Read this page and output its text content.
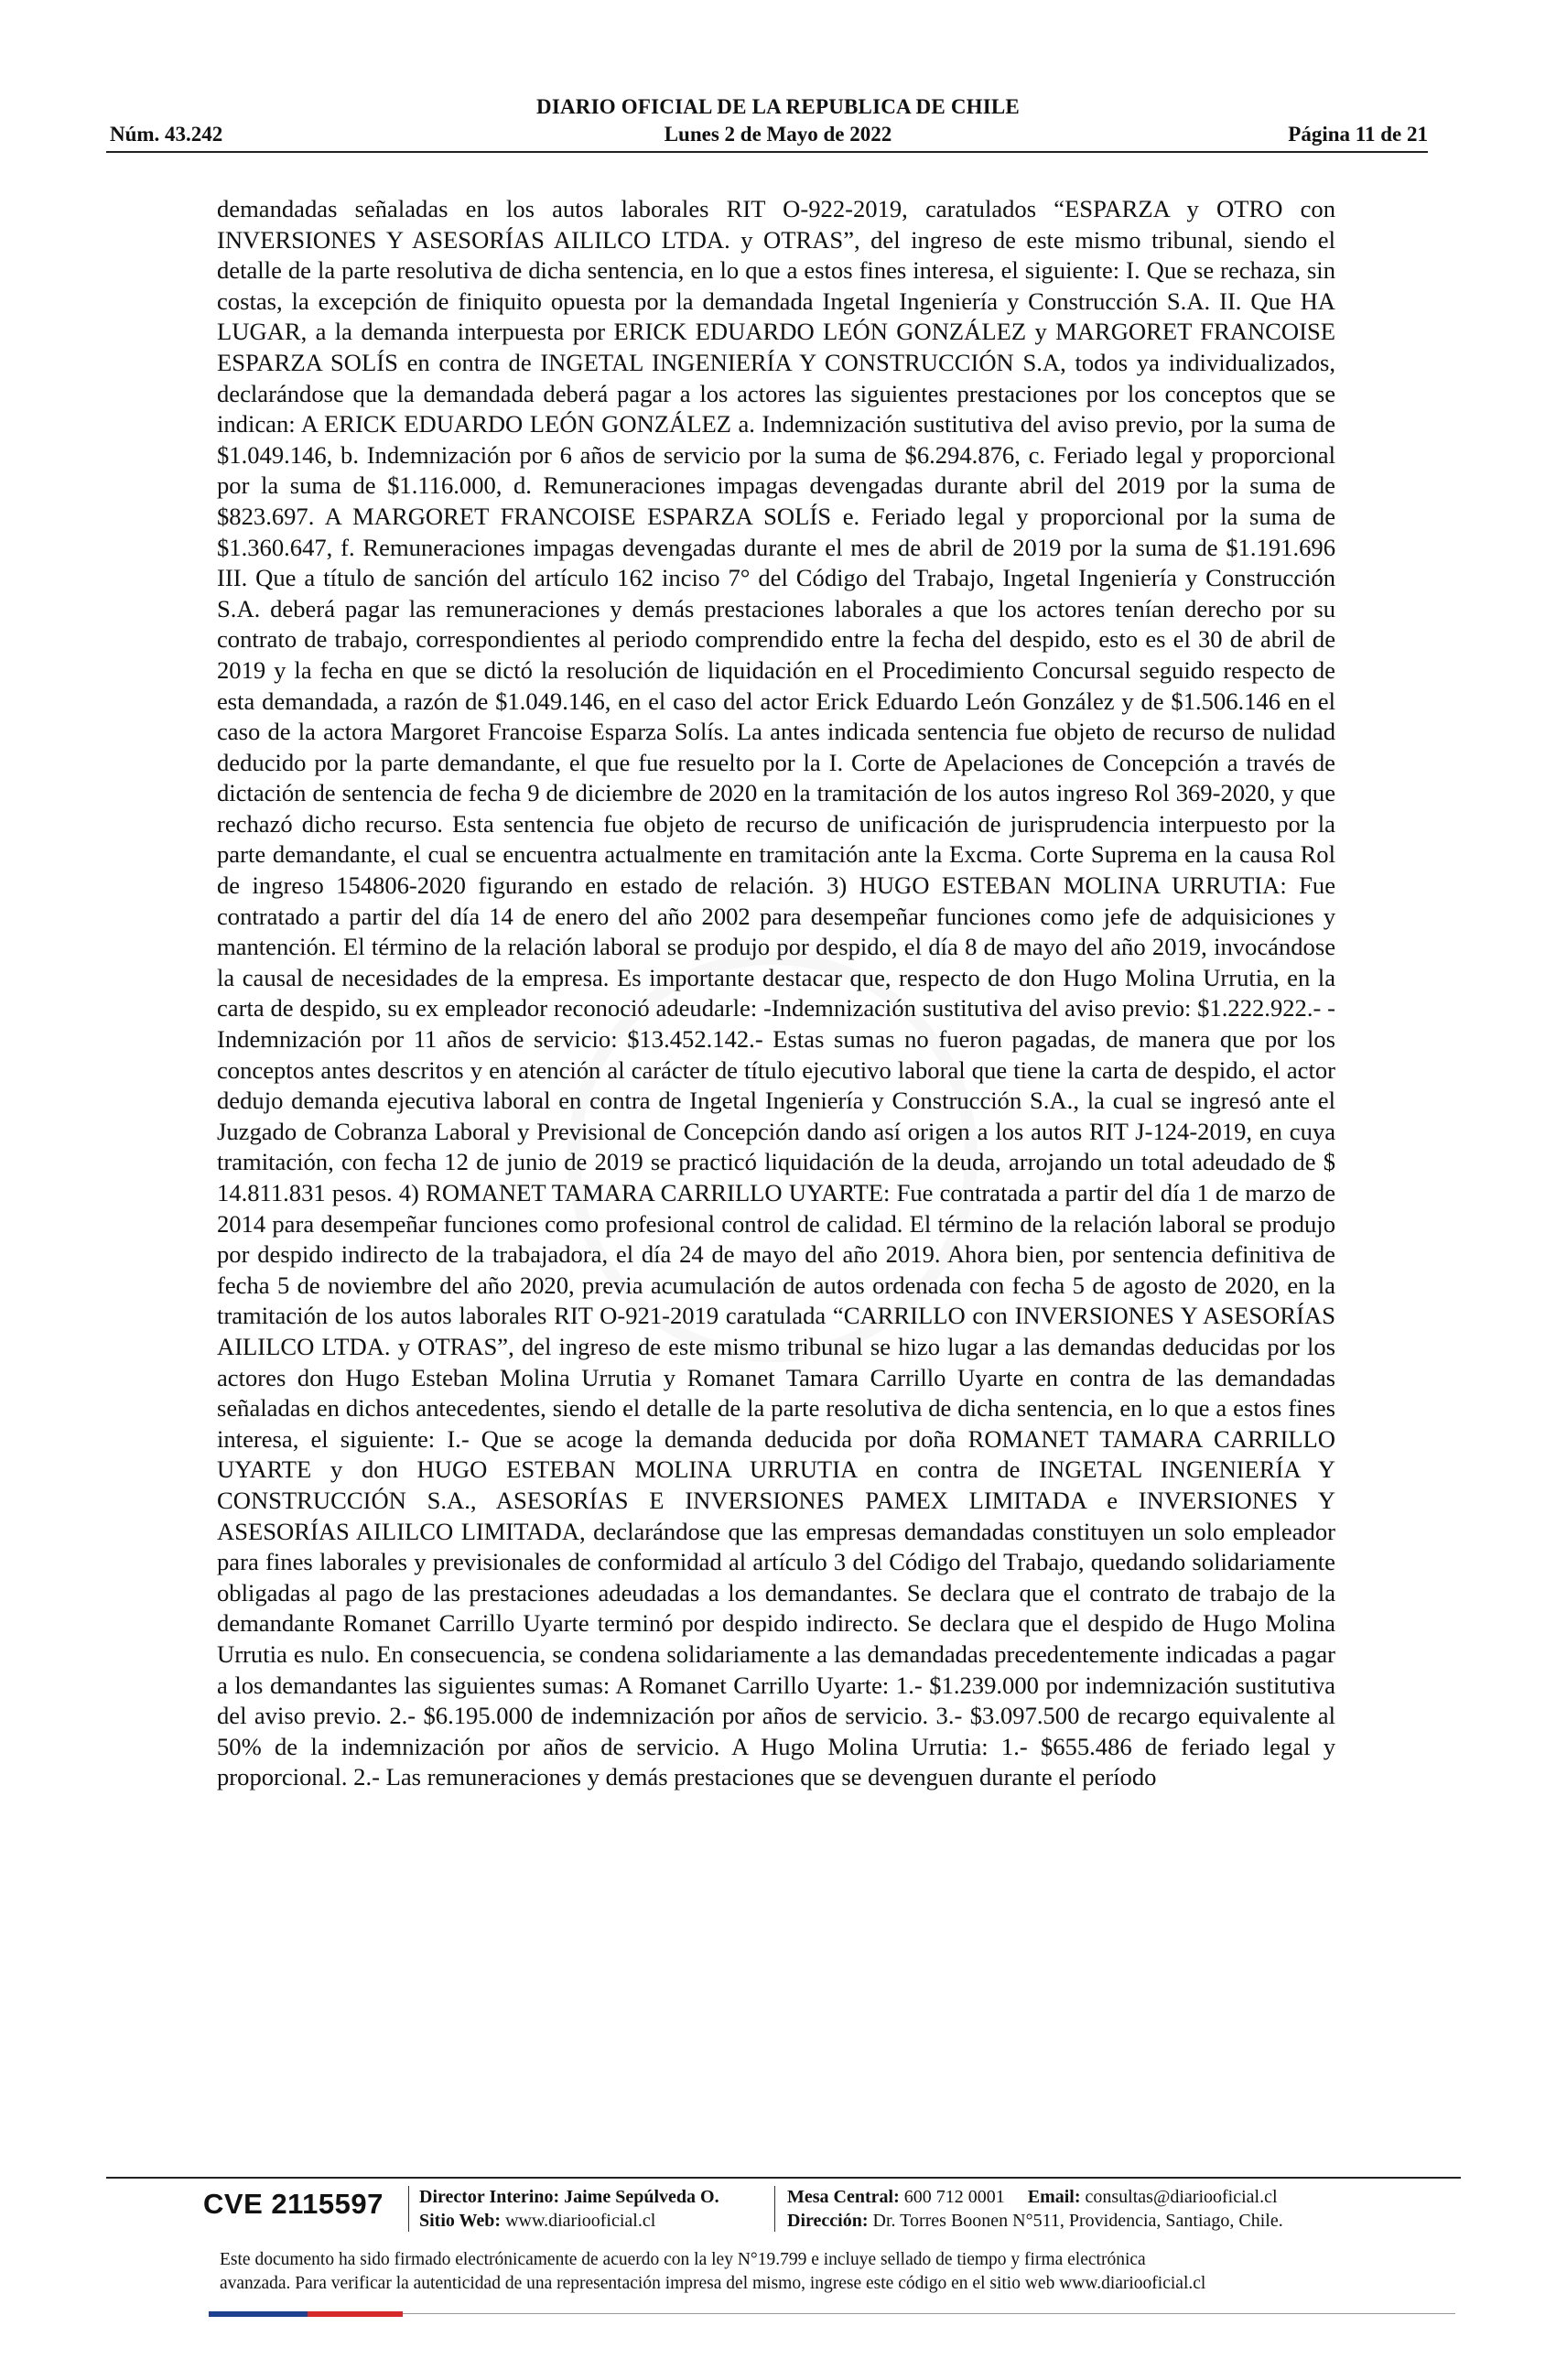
DIARIO OFICIAL DE LA REPUBLICA DE CHILE
Núm. 43.242	Lunes 2 de Mayo de 2022	Página 11 de 21

demandadas señaladas en los autos laborales RIT O-922-2019, caratulados “ESPARZA y OTRO con INVERSIONES Y ASESORÍAS AILILCO LTDA. y OTRAS”, del ingreso de este mismo tribunal, siendo el detalle de la parte resolutiva de dicha sentencia, en lo que a estos fines interesa, el siguiente: I. Que se rechaza, sin costas, la excepción de finiquito opuesta por la demandada Ingetal Ingeniería y Construcción S.A. II. Que HA LUGAR, a la demanda interpuesta por ERICK EDUARDO LEÓN GONZÁLEZ y MARGORET FRANCOISE ESPARZA SOLÍS en contra de INGETAL INGENIERÍA Y CONSTRUCCIÓN S.A, todos ya individualizados, declarándose que la demandada deberá pagar a los actores las siguientes prestaciones por los conceptos que se indican: A ERICK EDUARDO LEÓN GONZÁLEZ a. Indemnización sustitutiva del aviso previo, por la suma de $1.049.146, b. Indemnización por 6 años de servicio por la suma de $6.294.876, c. Feriado legal y proporcional por la suma de $1.116.000, d. Remuneraciones impagas devengadas durante abril del 2019 por la suma de $823.697. A MARGORET FRANCOISE ESPARZA SOLÍS e. Feriado legal y proporcional por la suma de $1.360.647, f. Remuneraciones impagas devengadas durante el mes de abril de 2019 por la suma de $1.191.696 III. Que a título de sanción del artículo 162 inciso 7° del Código del Trabajo, Ingetal Ingeniería y Construcción S.A. deberá pagar las remuneraciones y demás prestaciones laborales a que los actores tenían derecho por su contrato de trabajo, correspondientes al periodo comprendido entre la fecha del despido, esto es el 30 de abril de 2019 y la fecha en que se dictó la resolución de liquidación en el Procedimiento Concursal seguido respecto de esta demandada, a razón de $1.049.146, en el caso del actor Erick Eduardo León González y de $1.506.146 en el caso de la actora Margoret Francoise Esparza Solís. La antes indicada sentencia fue objeto de recurso de nulidad deducido por la parte demandante, el que fue resuelto por la I. Corte de Apelaciones de Concepción a través de dictación de sentencia de fecha 9 de diciembre de 2020 en la tramitación de los autos ingreso Rol 369-2020, y que rechazó dicho recurso. Esta sentencia fue objeto de recurso de unificación de jurisprudencia interpuesto por la parte demandante, el cual se encuentra actualmente en tramitación ante la Excma. Corte Suprema en la causa Rol de ingreso 154806-2020 figurando en estado de relación. 3) HUGO ESTEBAN MOLINA URRUTIA: Fue contratado a partir del día 14 de enero del año 2002 para desempeñar funciones como jefe de adquisiciones y mantención. El término de la relación laboral se produjo por despido, el día 8 de mayo del año 2019, invocándose la causal de necesidades de la empresa. Es importante destacar que, respecto de don Hugo Molina Urrutia, en la carta de despido, su ex empleador reconoció adeudarle: -Indemnización sustitutiva del aviso previo: $1.222.922.- - Indemnización por 11 años de servicio: $13.452.142.- Estas sumas no fueron pagadas, de manera que por los conceptos antes descritos y en atención al carácter de título ejecutivo laboral que tiene la carta de despido, el actor dedujo demanda ejecutiva laboral en contra de Ingetal Ingeniería y Construcción S.A., la cual se ingresó ante el Juzgado de Cobranza Laboral y Previsional de Concepción dando así origen a los autos RIT J-124-2019, en cuya tramitación, con fecha 12 de junio de 2019 se practicó liquidación de la deuda, arrojando un total adeudado de $ 14.811.831 pesos. 4) ROMANET TAMARA CARRILLO UYARTE: Fue contratada a partir del día 1 de marzo de 2014 para desempeñar funciones como profesional control de calidad. El término de la relación laboral se produjo por despido indirecto de la trabajadora, el día 24 de mayo del año 2019. Ahora bien, por sentencia definitiva de fecha 5 de noviembre del año 2020, previa acumulación de autos ordenada con fecha 5 de agosto de 2020, en la tramitación de los autos laborales RIT O-921-2019 caratulada “CARRILLO con INVERSIONES Y ASESORÍAS AILILCO LTDA. y OTRAS”, del ingreso de este mismo tribunal se hizo lugar a las demandas deducidas por los actores don Hugo Esteban Molina Urrutia y Romanet Tamara Carrillo Uyarte en contra de las demandadas señaladas en dichos antecedentes, siendo el detalle de la parte resolutiva de dicha sentencia, en lo que a estos fines interesa, el siguiente: I.- Que se acoge la demanda deducida por doña ROMANET TAMARA CARRILLO UYARTE y don HUGO ESTEBAN MOLINA URRUTIA en contra de INGETAL INGENIERÍA Y CONSTRUCCIÓN S.A., ASESORÍAS E INVERSIONES PAMEX LIMITADA e INVERSIONES Y ASESORÍAS AILILCO LIMITADA, declarándose que las empresas demandadas constituyen un solo empleador para fines laborales y previsionales de conformidad al artículo 3 del Código del Trabajo, quedando solidariamente obligadas al pago de las prestaciones adeudadas a los demandantes. Se declara que el contrato de trabajo de la demandante Romanet Carrillo Uyarte terminó por despido indirecto. Se declara que el despido de Hugo Molina Urrutia es nulo. En consecuencia, se condena solidariamente a las demandadas precedentemente indicadas a pagar a los demandantes las siguientes sumas: A Romanet Carrillo Uyarte: 1.- $1.239.000 por indemnización sustitutiva del aviso previo. 2.- $6.195.000 de indemnización por años de servicio. 3.- $3.097.500 de recargo equivalente al 50% de la indemnización por años de servicio. A Hugo Molina Urrutia: 1.- $655.486 de feriado legal y proporcional. 2.- Las remuneraciones y demás prestaciones que se devenguen durante el período

CVE 2115597 Director Interino: Jaime Sepúlveda O.
Sitio Web: www.diariooficial.cl
Mesa Central: 600 712 0001 Email: consultas@diariooficial.cl
Dirección: Dr. Torres Boonen N°511, Providencia, Santiago, Chile.

Este documento ha sido firmado electrónicamente de acuerdo con la ley N°19.799 e incluye sellado de tiempo y firma electrónica

avanzada. Para verificar la autenticidad de una representación impresa del mismo, ingrese este código en el sitio web www.diariooficial.cl
